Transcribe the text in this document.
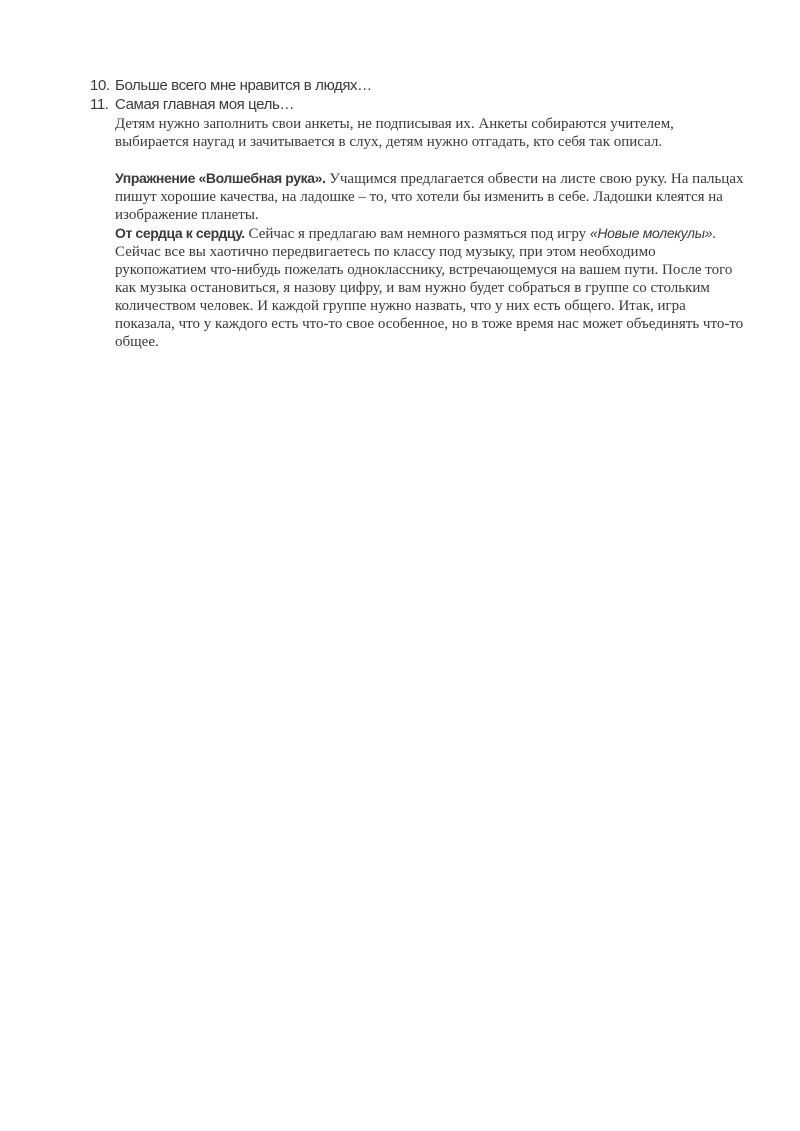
10. Больше всего мне нравится в людях…
11. Самая главная моя цель…

Детям нужно заполнить свои анкеты, не подписывая их. Анкеты собираются учителем, выбирается наугад и зачитывается в слух, детям нужно отгадать, кто себя так описал.

Упражнение «Волшебная рука». Учащимся предлагается обвести на листе свою руку. На пальцах пишут хорошие качества, на ладошке – то, что хотели бы изменить в себе. Ладошки клеятся на изображение планеты.

От сердца к сердцу. Сейчас я предлагаю вам немного размяться под игру «Новые молекулы». Сейчас все вы хаотично передвигаетесь по классу под музыку, при этом необходимо рукопожатием что-нибудь пожелать однокласснику, встречающемуся на вашем пути. После того как музыка остановиться, я назову цифру, и вам нужно будет собраться в группе со стольким количеством человек. И каждой группе нужно назвать, что у них есть общего. Итак, игра показала, что у каждого есть что-то свое особенное, но в тоже время нас может объединять что-то общее.
